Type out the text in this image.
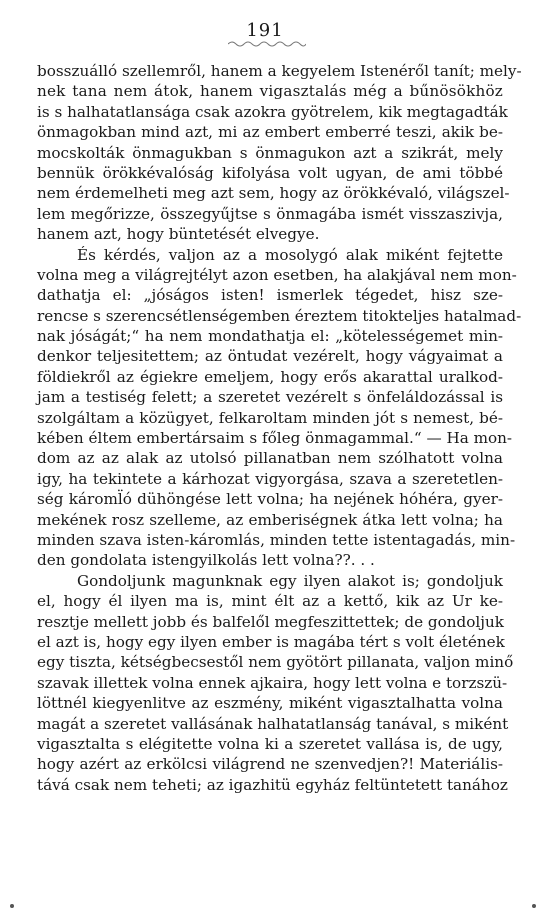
191
bosszuálló szellemről, hanem a kegyelem Istenéről tanít; mely-
nek tana nem átok, hanem vigasztalás még a bűnösökhöz
is s halhatatlansága csak azokra gyötrelem, kik megtagadták
önmagokban mind azt, mi az embert emberré teszi, akik be-
mocskolták önmagukban s önmagukon azt a szikrát, mely
bennük örökkévalóság kifolyása volt ugyan, de ami többé
nem érdemelheti meg azt sem, hogy az örökkévaló, világszel-
lem megőrizze, összegyűjtse s önmagába ismét visszaszivja,
hanem azt, hogy büntetését elvegye.
És kérdés, valjon az a mosolygó alak miként fejtette
volna meg a világrejtélyt azon esetben, ha alakjával nem mon-
dathatja el: „jóságos isten! ismerlek tégedet, hisz sze-
rencse s szerencsétlenségemben éreztem titokteljes hatalmad-
nak jóságát;“ ha nem mondathatja el: „kötelességemet min-
denkor teljesitettem; az öntudat vezérelt, hogy vágyaimat a
földiekről az égiekre emeljem, hogy erős akarattal uralkod-
jam a testiség felett; a szeretet vezérelt s önfeláldozással is
szolgáltam a közügyet, felkaroltam minden jót s nemest, bé-
kében éltem embertársaim s főleg önmagammal.“ — Ha mon-
dom az az alak az utolsó pillanatban nem szólhatott volna
igy, ha tekintete a kárhozat vigyorgása, szava a szeretetlen-
ség károml̈ó dühöngése lett volna; ha nejének hóhéra, gyer-
mekének rosz szelleme, az emberiségnek átka lett volna; ha
minden szava isten-káromlás, minden tette istentagadás, min-
den gondolata istengyilkolás lett volna??. . .
Gondoljunk magunknak egy ilyen alakot is; gondoljuk
el, hogy él ilyen ma is, mint élt az a kettő, kik az Ur ke-
resztje mellett jobb és balfelől megfeszittettek; de gondoljuk
el azt is, hogy egy ilyen ember is magába tért s volt életének
egy tiszta, kétségbecsestől nem gyötört pillanata, valjon minő
szavak illettek volna ennek ajkaira, hogy lett volna e torzszü-
löttnél kiegyenlitve az eszmény, miként vigasztalhatta volna
magát a szeretet vallásának halhatatlanság tanával, s miként
vigasztalta s elégitette volna ki a szeretet vallása is, de ugy,
hogy azért az erkölcsi világrend ne szenvedjen?! Materiális-
tává csak nem teheti; az igazhitü egyház feltüntetett tanához
